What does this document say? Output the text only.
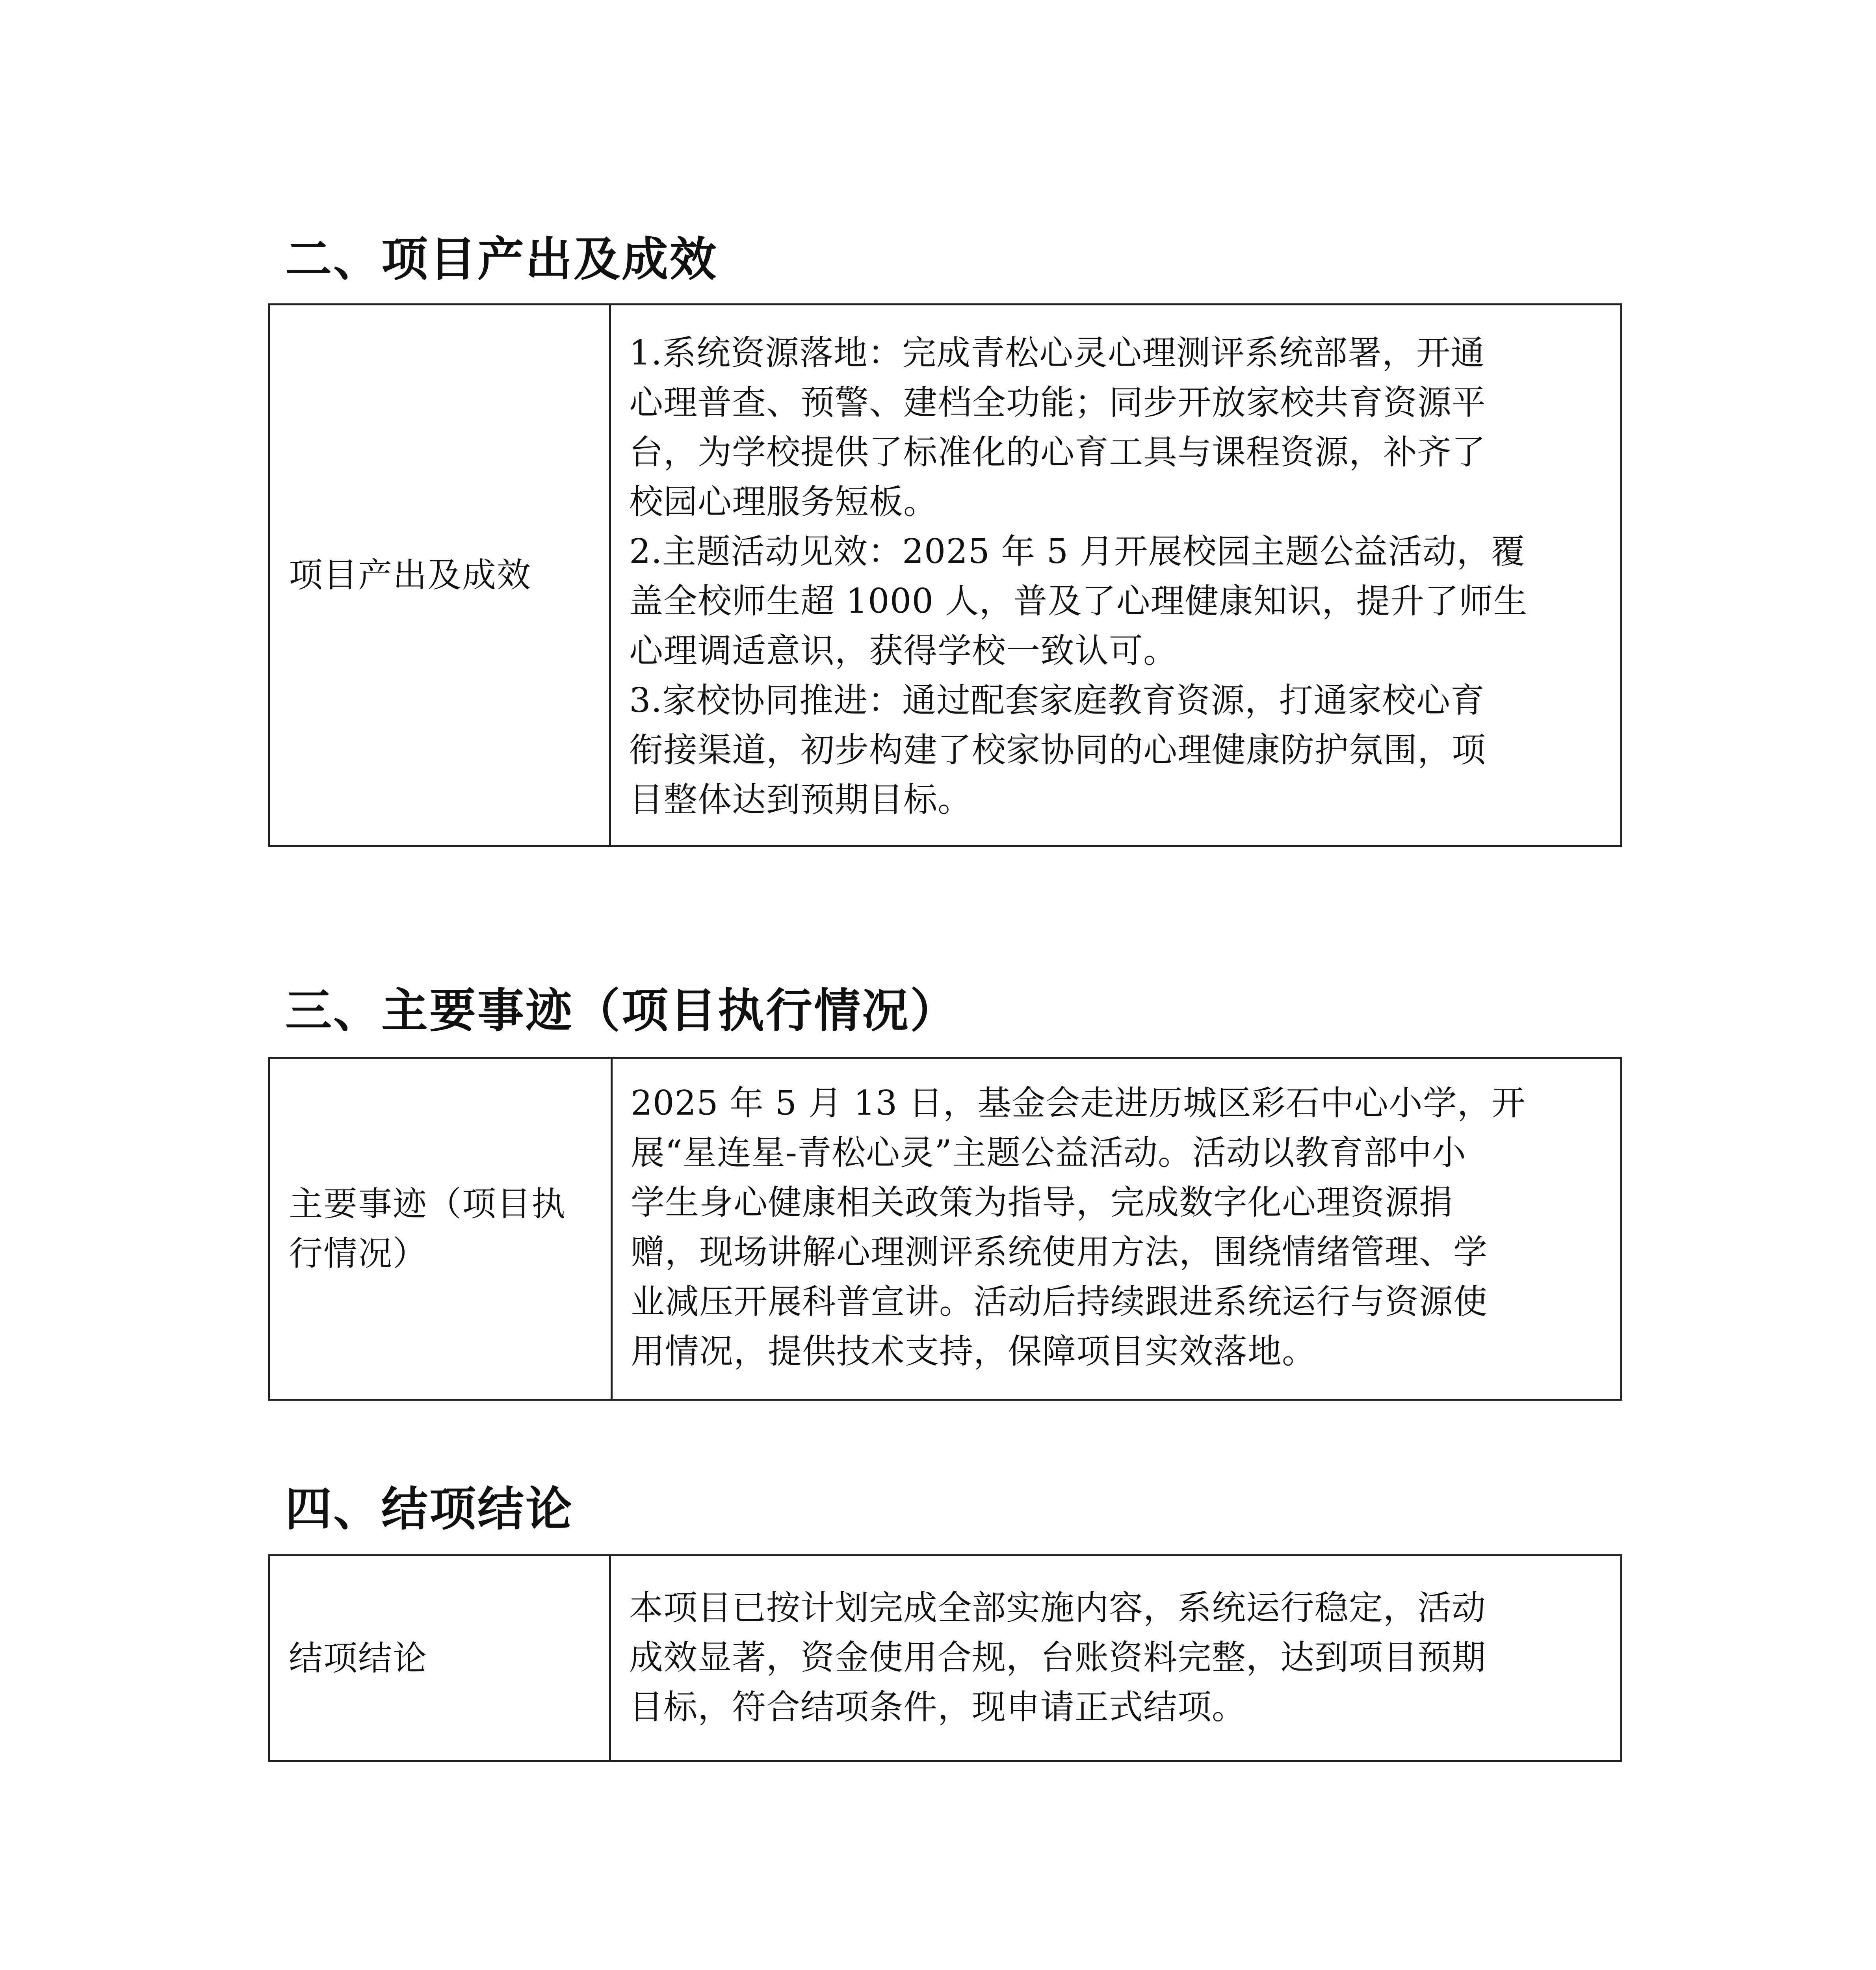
二、项目产出及成效
项目产出及成效

1.系统资源落地：完成青松心灵心理测评系统部署，开通

心理普查、预警、建档全功能；同步开放家校共育资源平

台，为学校提供了标准化的心育工具与课程资源，补齐了

校园心理服务短板。

2.主题活动见效：2025 年 5 月开展校园主题公益活动，覆

盖全校师生超 1000 人，普及了心理健康知识，提升了师生

心理调适意识，获得学校一致认可。

3.家校协同推进：通过配套家庭教育资源，打通家校心育

衔接渠道，初步构建了校家协同的心理健康防护氛围，项

目整体达到预期目标。

三、主要事迹（项目执行情况）
主要事迹（项目执
行情况）

2025 年 5 月 13 日，基金会走进历城区彩石中心小学，开

展“星连星-青松心灵”主题公益活动。活动以教育部中小

学生身心健康相关政策为指导，完成数字化心理资源捐

赠，现场讲解心理测评系统使用方法，围绕情绪管理、学

业减压开展科普宣讲。活动后持续跟进系统运行与资源使

用情况，提供技术支持，保障项目实效落地。

四、结项结论
结项结论

本项目已按计划完成全部实施内容，系统运行稳定，活动

成效显著，资金使用合规，台账资料完整，达到项目预期

目标，符合结项条件，现申请正式结项。
